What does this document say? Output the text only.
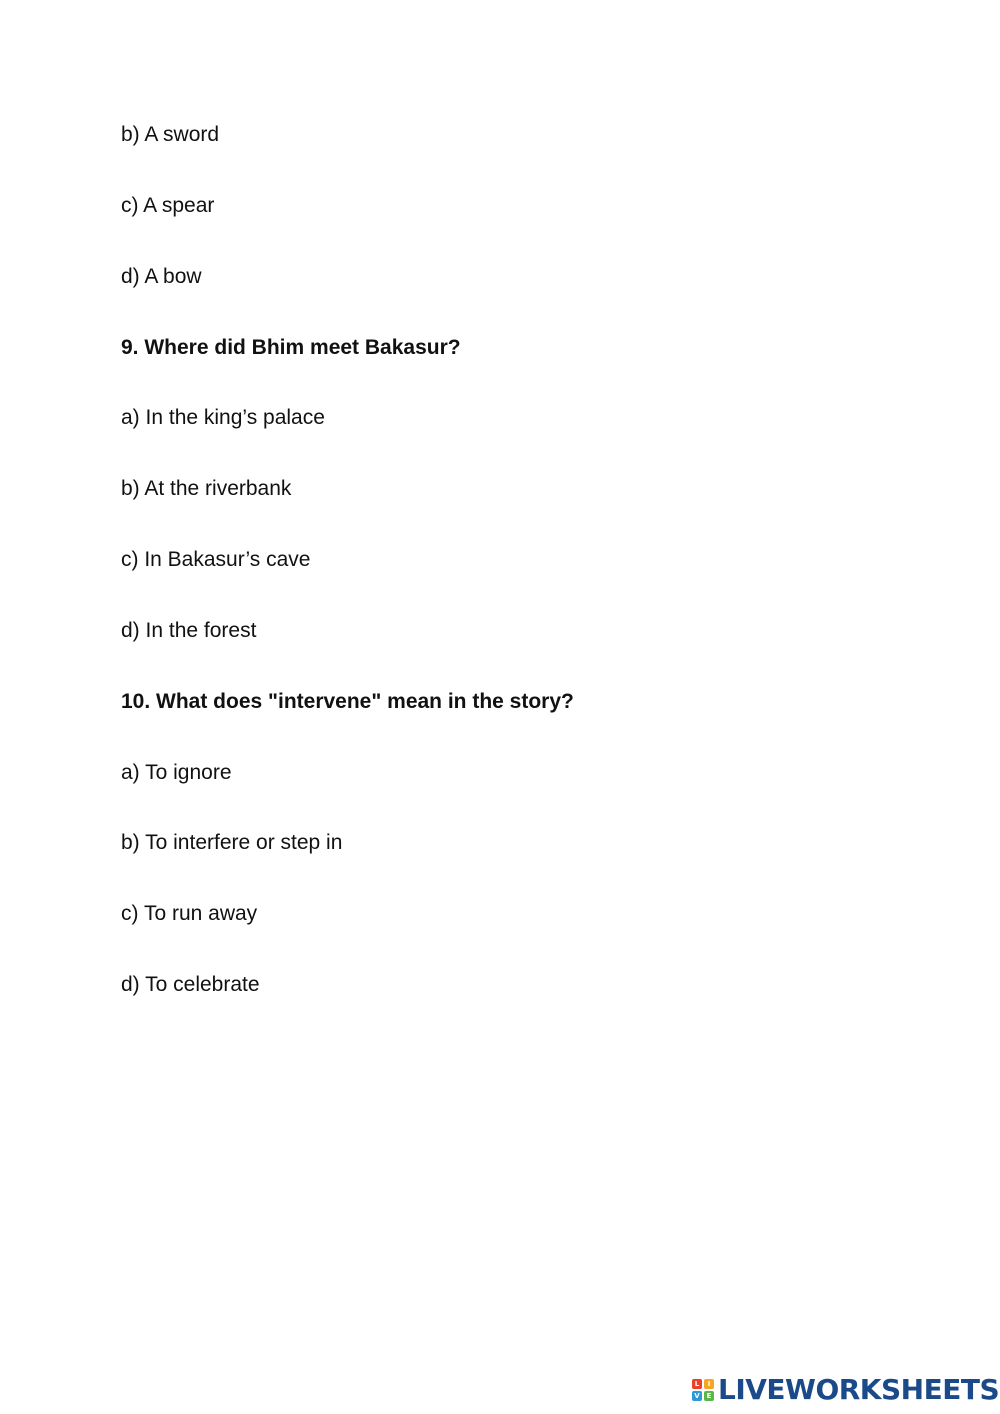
b) A sword
c) A spear
d) A bow
9. Where did Bhim meet Bakasur?
a) In the king’s palace
b) At the riverbank
c) In Bakasur’s cave
d) In the forest
10. What does "intervene" mean in the story?
a) To ignore
b) To interfere or step in
c) To run away
d) To celebrate
L	I
V E LIVEWORKSHEETS
